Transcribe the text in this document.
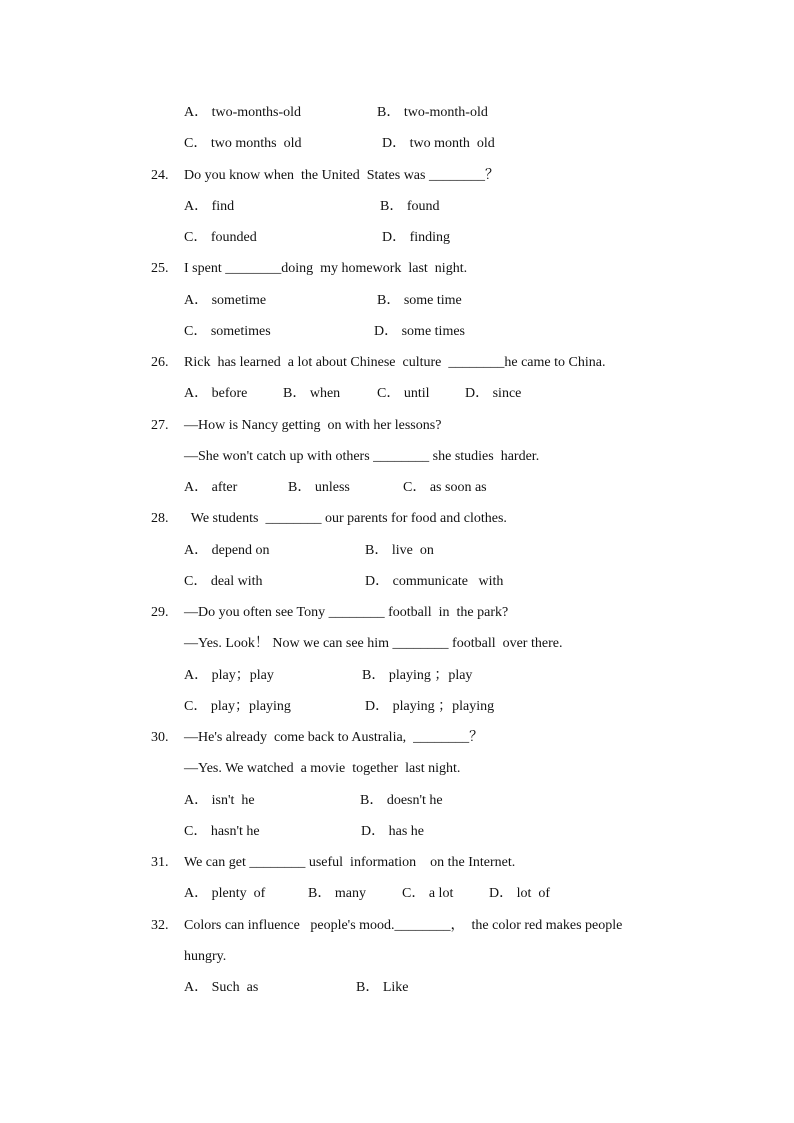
A． two-months-old	B． two-month-old
C． two months  old	D． two month  old
24. Do you know when  the United  States was ________？
A． find	B． found
C． founded	D． finding
25. I spent ________doing  my homework  last  night.
A． sometime	B． some time
C． sometimes	D． some times
26. Rick  has learned  a lot about Chinese  culture  ________he came to China.
A． before	B． when	C． until	D． since
27. —How is Nancy getting  on with her lessons?
—She won't catch up with others ________ she studies  harder.
A． after	B． unless	C． as soon as
28. We students  ________ our parents for food and clothes.
A． depend on	B． live  on
C． deal with	D． communicate   with
29. —Do you often see Tony ________ football  in  the park?
—Yes. Look！ Now we can see him ________ football  over there.
A． play；play	B． playing ；play
C． play；playing	D． playing ；playing
30. —He's already  come back to Australia,  ________？
—Yes. We watched  a movie  together  last night.
A． isn't  he	B． doesn't he
C． hasn't he	D． has he
31. We can get ________ useful  information    on the Internet.
A． plenty  of	B． many	C． a lot	D． lot  of
32. Colors can influence   people's mood.________，  the color red makes people
hungry.
A． Such  as	B． Like
